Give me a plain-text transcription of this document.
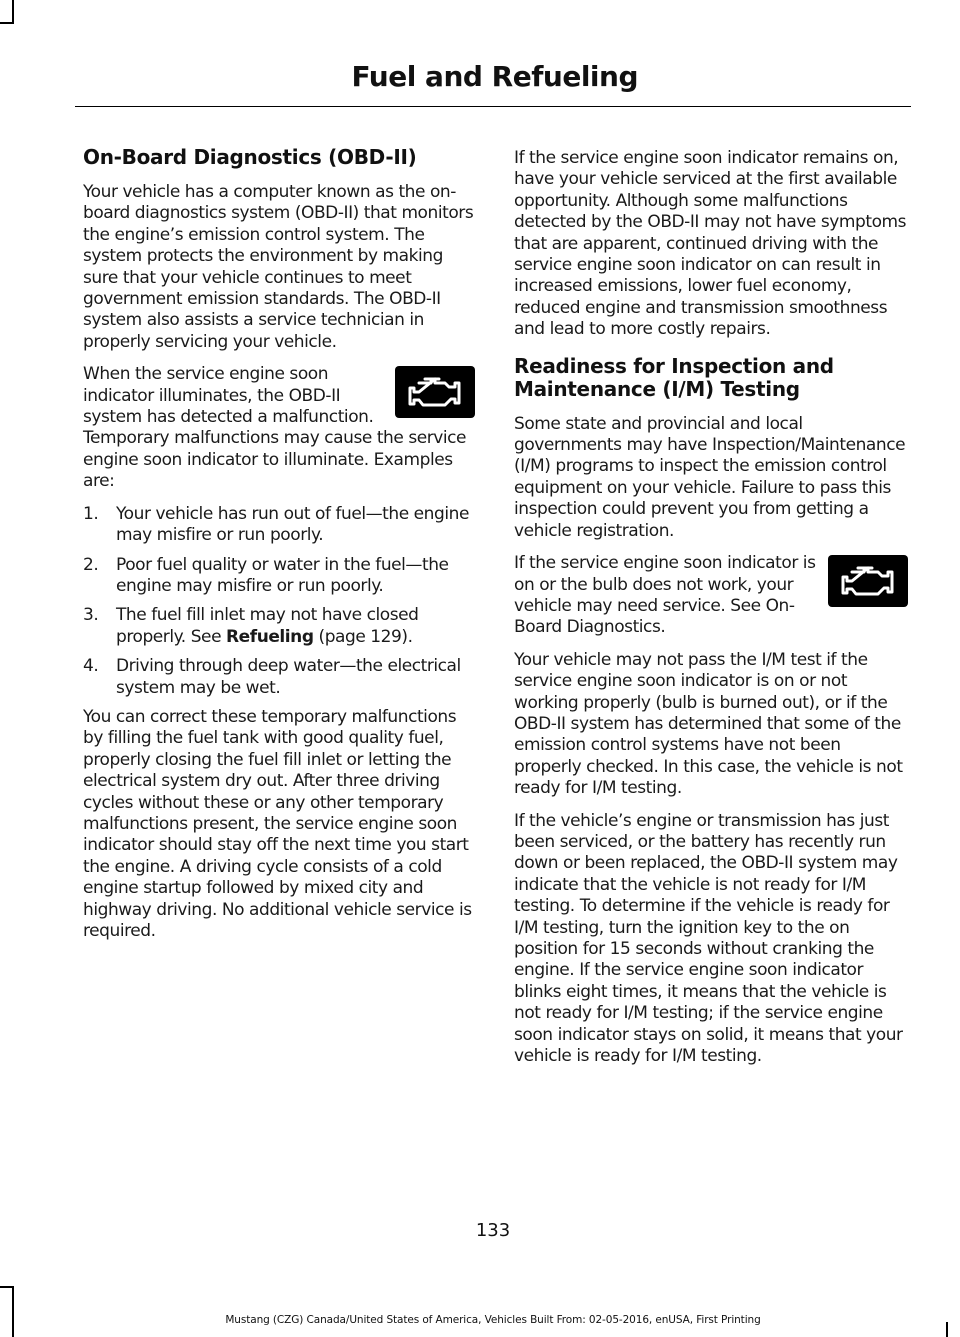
Fuel and Refueling
On-Board Diagnostics (OBD-II)

Your vehicle has a computer known as the on-board diagnostics system (OBD-II) that monitors the engine’s emission control system. The system protects the environment by making sure that your vehicle continues to meet government emission standards. The OBD-II system also assists a service technician in properly servicing your vehicle.

When the service engine soon indicator illuminates, the OBD-II system has detected a malfunction. Temporary malfunctions may cause the service engine soon indicator to illuminate. Examples are:

1. Your vehicle has run out of fuel—the engine may misfire or run poorly.
2. Poor fuel quality or water in the fuel—the engine may misfire or run poorly.
3. The fuel fill inlet may not have closed properly. See Refueling (page 129).
4. Driving through deep water—the electrical system may be wet.

You can correct these temporary malfunctions by filling the fuel tank with good quality fuel, properly closing the fuel fill inlet or letting the electrical system dry out. After three driving cycles without these or any other temporary malfunctions present, the service engine soon indicator should stay off the next time you start the engine. A driving cycle consists of a cold engine startup followed by mixed city and highway driving. No additional vehicle service is required.

If the service engine soon indicator remains on, have your vehicle serviced at the first available opportunity. Although some malfunctions detected by the OBD-II may not have symptoms that are apparent, continued driving with the service engine soon indicator on can result in increased emissions, lower fuel economy, reduced engine and transmission smoothness and lead to more costly repairs.

Readiness for Inspection and Maintenance (I/M) Testing

Some state and provincial and local governments may have Inspection/Maintenance (I/M) programs to inspect the emission control equipment on your vehicle. Failure to pass this inspection could prevent you from getting a vehicle registration.

If the service engine soon indicator is on or the bulb does not work, your vehicle may need service. See On-Board Diagnostics.

Your vehicle may not pass the I/M test if the service engine soon indicator is on or not working properly (bulb is burned out), or if the OBD-II system has determined that some of the emission control systems have not been properly checked. In this case, the vehicle is not ready for I/M testing.

If the vehicle’s engine or transmission has just been serviced, or the battery has recently run down or been replaced, the OBD-II system may indicate that the vehicle is not ready for I/M testing. To determine if the vehicle is ready for I/M testing, turn the ignition key to the on position for 15 seconds without cranking the engine. If the service engine soon indicator blinks eight times, it means that the vehicle is not ready for I/M testing; if the service engine soon indicator stays on solid, it means that your vehicle is ready for I/M testing.

133
Mustang (CZG) Canada/United States of America, Vehicles Built From: 02-05-2016, enUSA, First Printing
